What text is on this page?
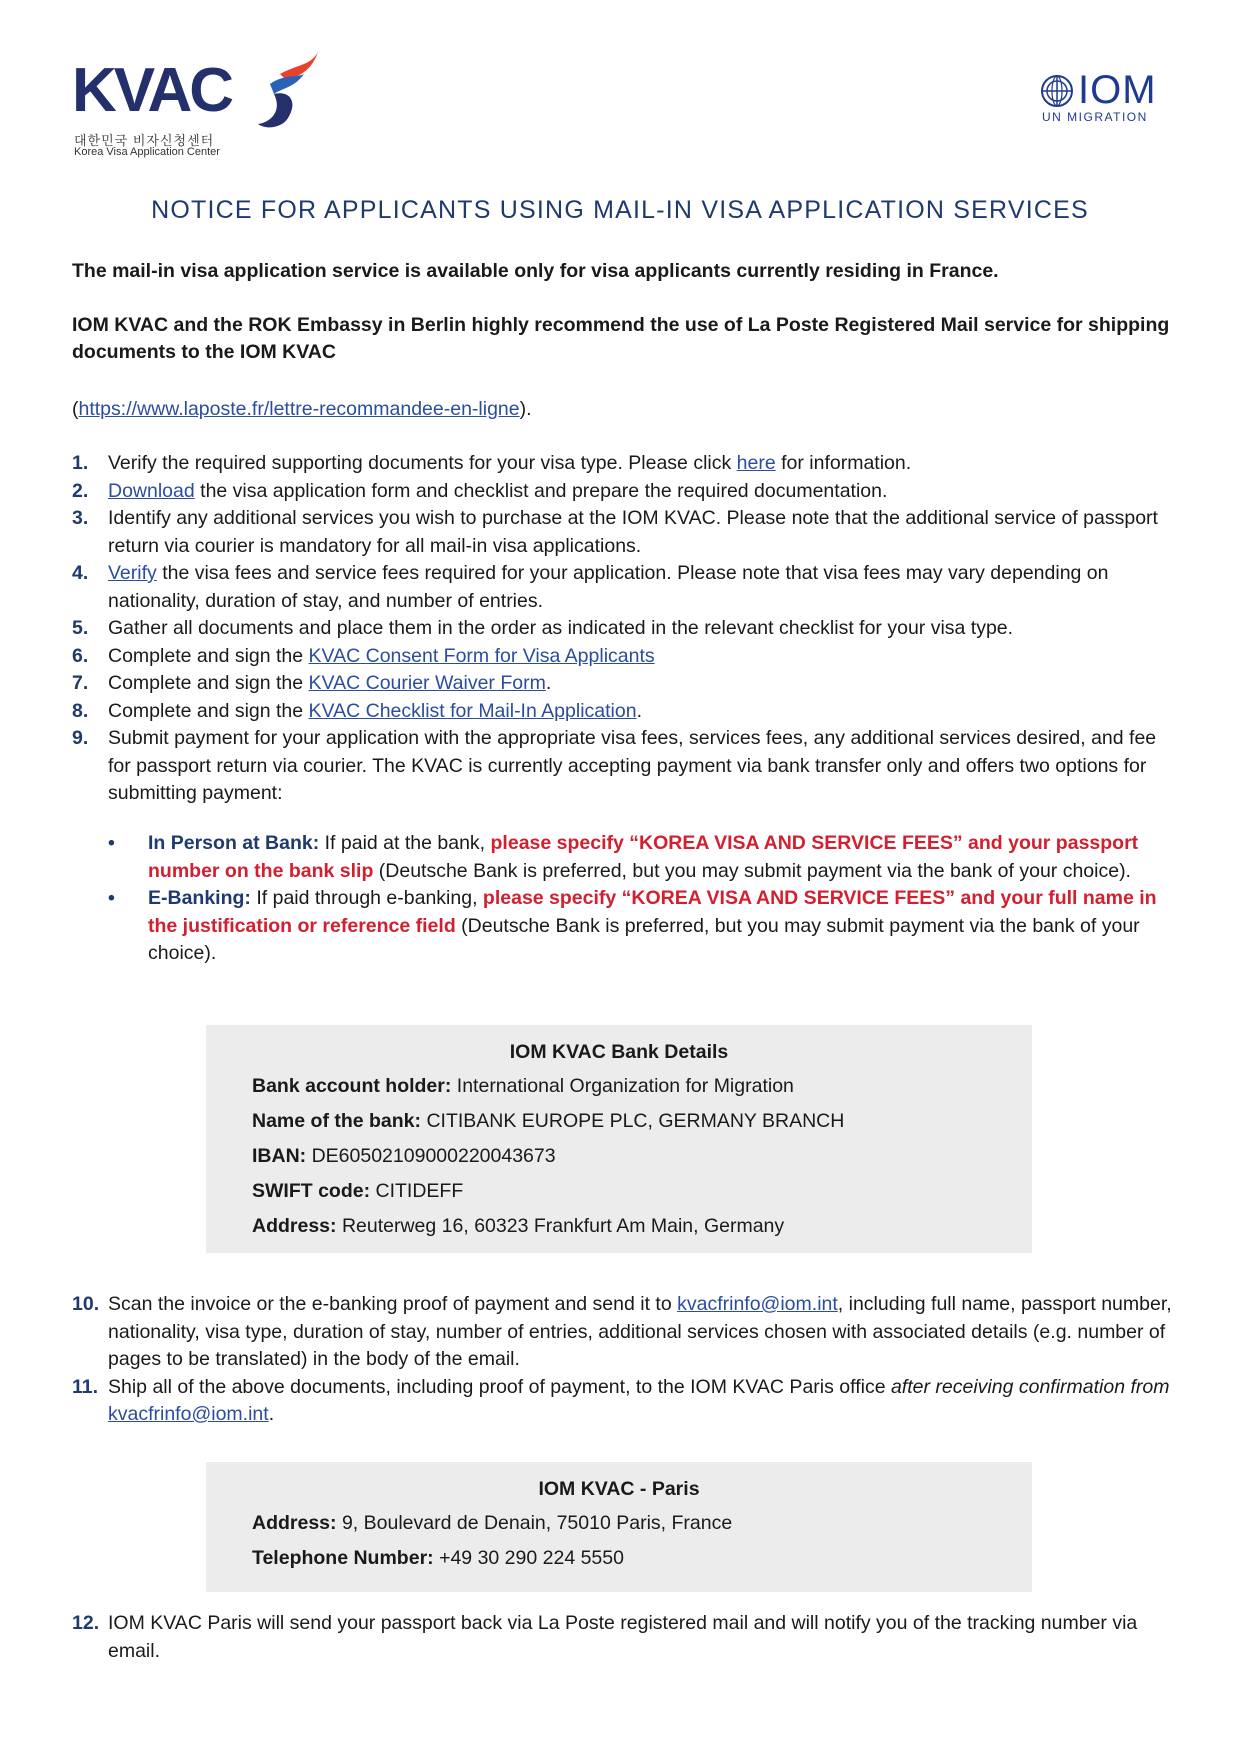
KVAC
대한민국 비자신청센터
Korea Visa Application Center
IOM
UN MIGRATION
NOTICE FOR APPLICANTS USING MAIL-IN VISA APPLICATION SERVICES
The mail-in visa application service is available only for visa applicants currently residing in France.
IOM KVAC and the ROK Embassy in Berlin highly recommend the use of La Poste Registered Mail service for shipping documents to the IOM KVAC
(https://www.laposte.fr/lettre-recommandee-en-ligne).
1. Verify the required supporting documents for your visa type. Please click here for information.
2. Download the visa application form and checklist and prepare the required documentation.
3. Identify any additional services you wish to purchase at the IOM KVAC. Please note that the additional service of passport return via courier is mandatory for all mail-in visa applications.
4. Verify the visa fees and service fees required for your application. Please note that visa fees may vary depending on nationality, duration of stay, and number of entries.
5. Gather all documents and place them in the order as indicated in the relevant checklist for your visa type.
6. Complete and sign the KVAC Consent Form for Visa Applicants
7. Complete and sign the KVAC Courier Waiver Form.
8. Complete and sign the KVAC Checklist for Mail-In Application.
9. Submit payment for your application with the appropriate visa fees, services fees, any additional services desired, and fee for passport return via courier. The KVAC is currently accepting payment via bank transfer only and offers two options for submitting payment:
• In Person at Bank: If paid at the bank, please specify “KOREA VISA AND SERVICE FEES” and your passport number on the bank slip (Deutsche Bank is preferred, but you may submit payment via the bank of your choice).
• E-Banking: If paid through e-banking, please specify “KOREA VISA AND SERVICE FEES” and your full name in the justification or reference field (Deutsche Bank is preferred, but you may submit payment via the bank of your choice).
IOM KVAC Bank Details
Bank account holder: International Organization for Migration
Name of the bank: CITIBANK EUROPE PLC, GERMANY BRANCH
IBAN: DE60502109000220043673
SWIFT code: CITIDEFF
Address: Reuterweg 16, 60323 Frankfurt Am Main, Germany
10. Scan the invoice or the e-banking proof of payment and send it to kvacfrinfo@iom.int, including full name, passport number, nationality, visa type, duration of stay, number of entries, additional services chosen with associated details (e.g. number of pages to be translated) in the body of the email.
11. Ship all of the above documents, including proof of payment, to the IOM KVAC Paris office after receiving confirmation from kvacfrinfo@iom.int.
IOM KVAC - Paris
Address: 9, Boulevard de Denain, 75010 Paris, France
Telephone Number: +49 30 290 224 5550
12. IOM KVAC Paris will send your passport back via La Poste registered mail and will notify you of the tracking number via email.
